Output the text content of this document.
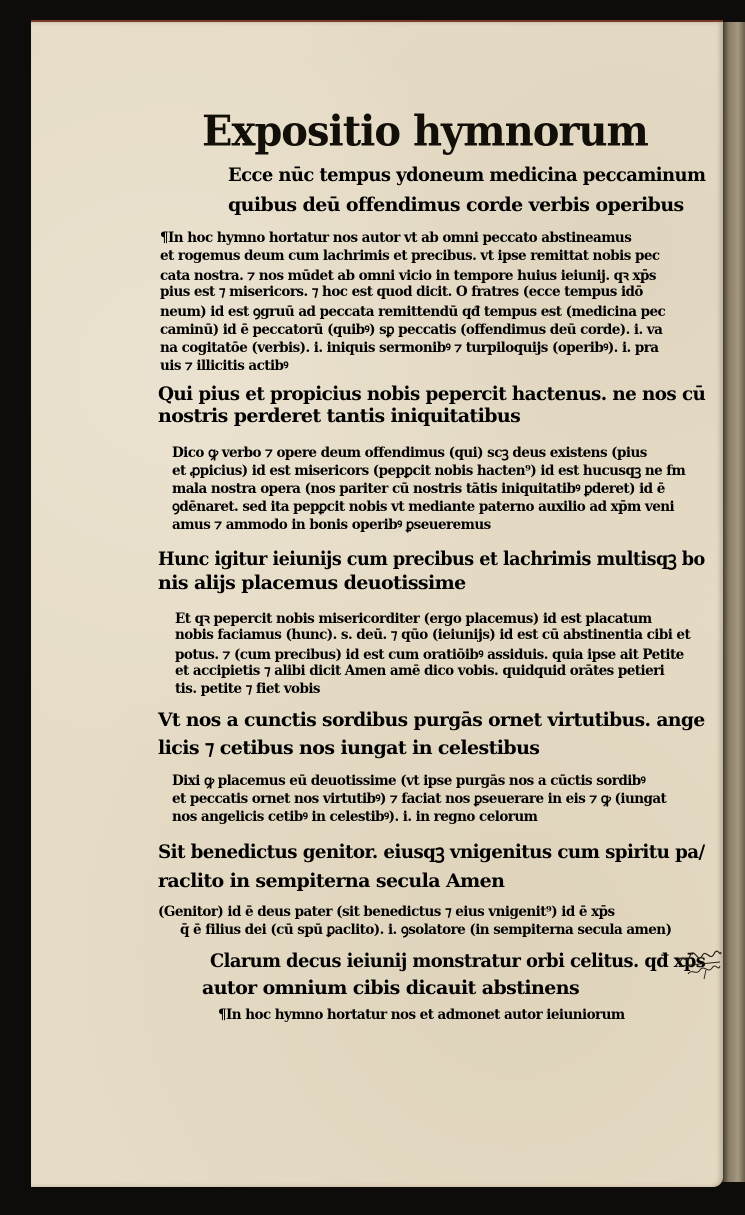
Expositio hymnorum
Ecce nūc tempus ydoneum medicina peccaminum
quibus deū offendimus corde verbis operibus
¶In hoc hymno hortatur nos autor vt ab omni peccato abstineamus
et rogemus deum cum lachrimis et precibus. vt ipse remittat nobis pec
cata nostra. ⁊ nos mūdet ab omni vicio in tempore huius ieiunij. qꝛ xp̄s
pius est ⁊ misericors. ⁊ hoc est quod dicit. O fratres (ecce tempus idō
neum) id est ꝯgruū ad peccata remittendū qđ tempus est (medicina pec
caminū) id ē peccatorū (quibꝰ) sꝑ peccatis (offendimus deū corde). i. va
na cogitatōe (verbis). i. iniquis sermonibꝰ ⁊ turpiloquijs (operibꝰ). i. pra
uis ⁊ illicitis actibꝰ
Qui pius et propicius nobis pepercit hactenus. ne nos cū
nostris perderet tantis iniquitatibus
Dico ꝙ verbo ⁊ opere deum offendimus (qui) scꝫ deus existens (pius
et ꝓpicius) id est misericors (pepꝑcit nobis hacten⁹) id est hucusqꝫ ne fm
mala nostra opera (nos pariter cū nostris tātis iniquitatibꝰ ꝑderet) id ē
ꝯdēnaret. sed ita pepꝑcit nobis vt mediante paterno auxilio ad xp̄m veni
amus ⁊ ammodo in bonis operibꝰ ꝑseueremus
Hunc igitur ieiunijs cum precibus et lachrimis multisqꝫ bo
nis alijs placemus deuotissime
Et qꝛ pepercit nobis misericorditer (ergo placemus) id est placatum
nobis faciamus (hunc). s. deū. ⁊ qūo (ieiunijs) id est cū abstinentia cibi et
potus. ⁊ (cum precibus) id est cum oratiōibꝰ assiduis. quia ipse ait Petite
et accipietis ⁊ alibi dicit Amen amē dico vobis. quidquid orātes petieri
tis. petite ⁊ fiet vobis
Vt nos a cunctis sordibus purgās ornet virtutibus. ange
licis ⁊ cetibus nos iungat in celestibus
Dixi ꝙ placemus eū deuotissime (vt ipse purgās nos a cūctis sordibꝰ
et peccatis ornet nos virtutibꝰ) ⁊ faciat nos ꝑseuerare in eis ⁊ ꝙ (iungat
nos angelicis cetibꝰ in celestibꝰ). i. in regno celorum
Sit benedictus genitor. eiusqꝫ vnigenitus cum spiritu pa/
raclito in sempiterna secula Amen
(Genitor) id ē deus pater (sit benedictus ⁊ eius vnigenit⁹) id ē xp̄s
q̄ ē filius dei (cū spū ꝑaclito). i. ꝯsolatore (in sempiterna secula amen)
Clarum decus ieiunij monstratur orbi celitus. qđ xp̄s
autor omnium cibis dicauit abstinens
¶In hoc hymno hortatur nos et admonet autor ieiuniorum
